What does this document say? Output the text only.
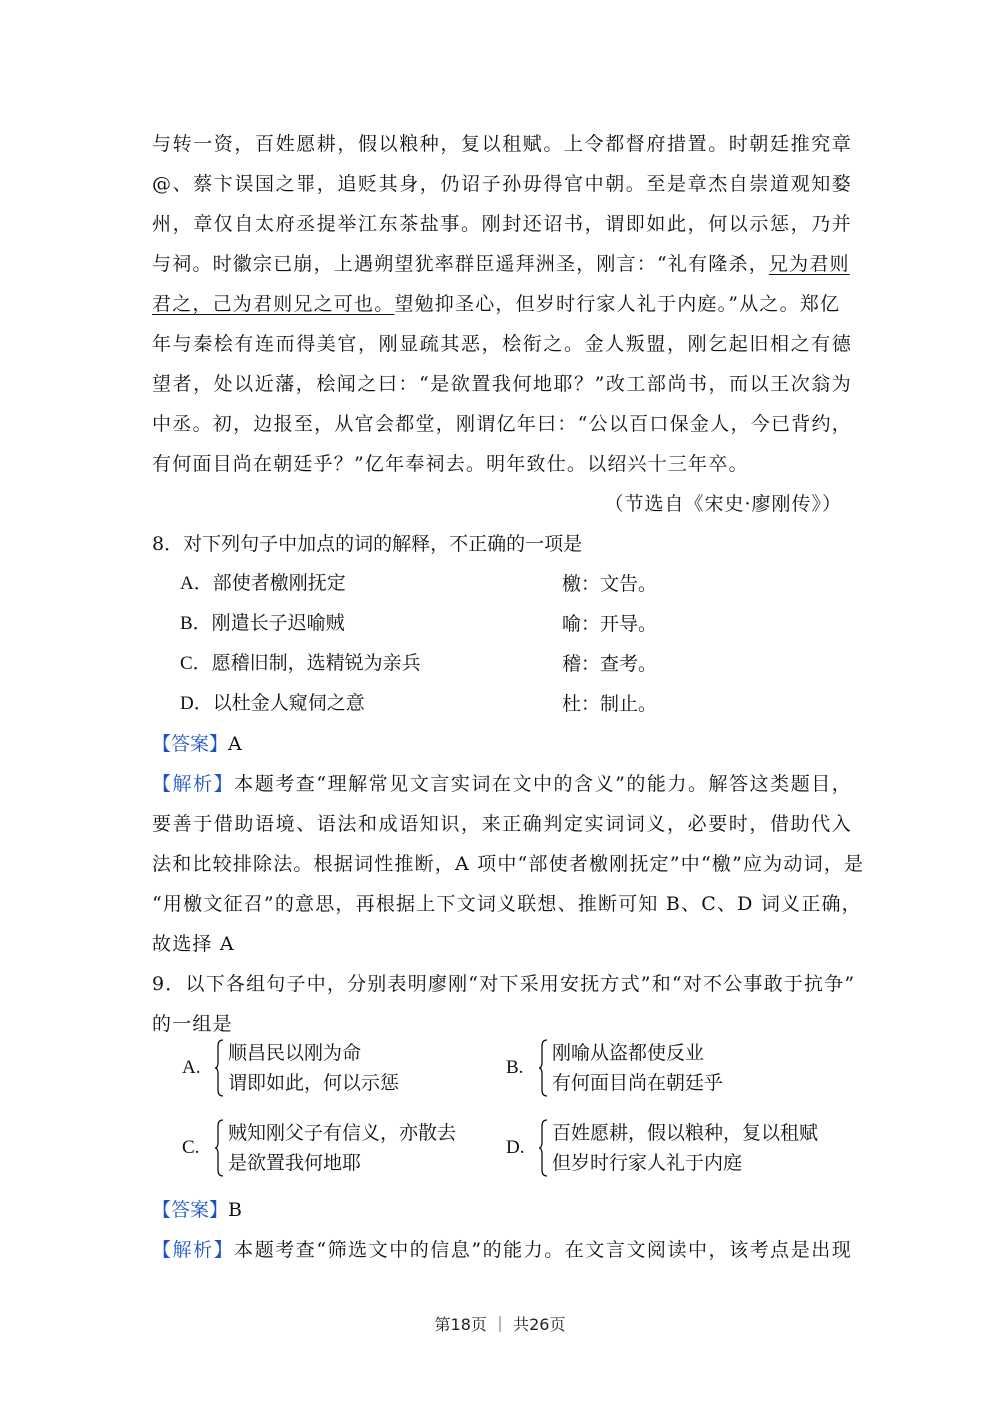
与转一资，百姓愿耕，假以粮种，复以租赋。上令都督府措置。时朝廷推究章
@、蔡卞误国之罪，追贬其身，仍诏子孙毋得官中朝。至是章杰自崇道观知婺
州，章仅自太府丞提举江东茶盐事。刚封还诏书，谓即如此，何以示惩，乃并
与祠。时徽宗已崩，上遇朔望犹率群臣遥拜洲圣，刚言：“礼有隆杀，兄为君则
君之，己为君则兄之可也。望勉抑圣心，但岁时行家人礼于内庭。”从之。郑亿
年与秦桧有连而得美官，刚显疏其恶，桧衔之。金人叛盟，刚乞起旧相之有德
望者，处以近藩，桧闻之曰：“是欲置我何地耶？”改工部尚书，而以王次翁为
中丞。初，边报至，从官会都堂，刚谓亿年曰：“公以百口保金人，今已背约，
有何面目尚在朝廷乎？”亿年奉祠去。明年致仕。以绍兴十三年卒。
（节选自《宋史·廖刚传》）
8．对下列句子中加点的词的解释，不正确的一项是
A．部使者檄刚抚定	檄：文告。
B．刚遣长子迟喻贼	喻：开导。
C．愿稽旧制，选精锐为亲兵	稽：查考。
D．以杜金人窥伺之意	杜：制止。
【答案】A
【解析】本题考查“理解常见文言实词在文中的含义”的能力。解答这类题目，
要善于借助语境、语法和成语知识，来正确判定实词词义，必要时，借助代入
法和比较排除法。根据词性推断，A 项中“部使者檄刚抚定”中“檄”应为动词，是
“用檄文征召”的意思，再根据上下文词义联想、推断可知 B、C、D 词义正确，
故选择 A
9．以下各组句子中，分别表明廖刚“对下采用安抚方式”和“对不公事敢于抗争”
的一组是
A.
顺昌民以刚为命
谓即如此，何以示惩
B.
刚喻从盗都使反业
有何面目尚在朝廷乎
C.
贼知刚父子有信义，亦散去
是欲置我何地耶
D.
百姓愿耕，假以粮种，复以租赋
但岁时行家人礼于内庭
【答案】B
【解析】本题考查“筛选文中的信息”的能力。在文言文阅读中，该考点是出现
第18页 ｜ 共26页
